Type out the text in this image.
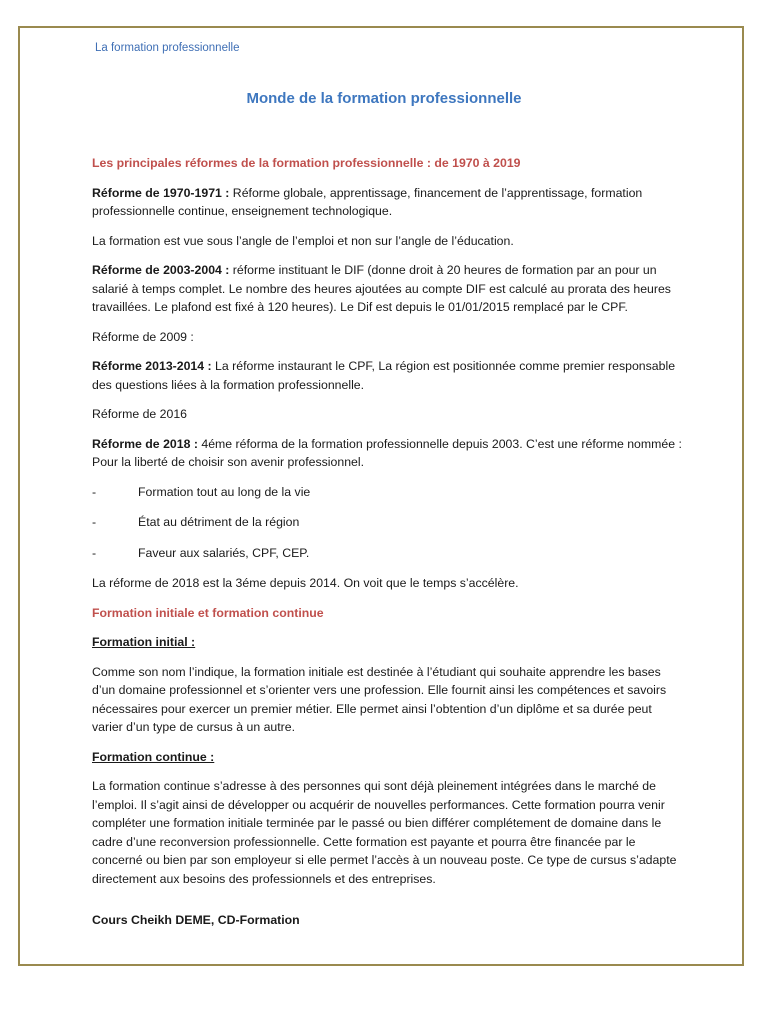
La formation professionnelle
Monde de la formation professionnelle

Les principales réformes de la formation professionnelle : de 1970 à 2019

Réforme de 1970-1971 : Réforme globale, apprentissage, financement de l’apprentissage, formation professionnelle continue, enseignement technologique.

La formation est vue sous l’angle de l’emploi et non sur l’angle de l’éducation.

Réforme de 2003-2004 : réforme instituant le DIF (donne droit à 20 heures de formation par an pour un salarié à temps complet. Le nombre des heures ajoutées au compte DIF est calculé au prorata des heures travaillées. Le plafond est fixé à 120 heures). Le Dif est depuis le 01/01/2015 remplacé par le CPF.

Réforme de 2009 :

Réforme 2013-2014 : La réforme instaurant le CPF, La région est positionnée comme premier responsable des questions liées à la formation professionnelle.

Réforme de 2016

Réforme de 2018 : 4éme réforma de la formation professionnelle depuis 2003. C’est une réforme nommée : Pour la liberté de choisir son avenir professionnel.

-	Formation tout au long de la vie
-	État au détriment de la région
-	Faveur aux salariés, CPF, CEP.

La réforme de 2018 est la 3éme depuis 2014. On voit que le temps s’accélère.

Formation initiale et formation continue

Formation initial :

Comme son nom l’indique, la formation initiale est destinée à l’étudiant qui souhaite apprendre les bases d’un domaine professionnel et s’orienter vers une profession. Elle fournit ainsi les compétences et savoirs nécessaires pour exercer un premier métier. Elle permet ainsi l’obtention d’un diplôme et sa durée peut varier d’un type de cursus à un autre.

Formation continue :

La formation continue s’adresse à des personnes qui sont déjà pleinement intégrées dans le marché de l’emploi. Il s’agit ainsi de développer ou acquérir de nouvelles performances. Cette formation pourra venir compléter une formation initiale terminée par le passé ou bien différer complétement de domaine dans le cadre d’une reconversion professionnelle. Cette formation est payante et pourra être financée par le concerné ou bien par son employeur si elle permet l’accès à un nouveau poste. Ce type de cursus s’adapte directement aux besoins des professionnels et des entreprises.

Cours Cheikh DEME, CD-Formation
